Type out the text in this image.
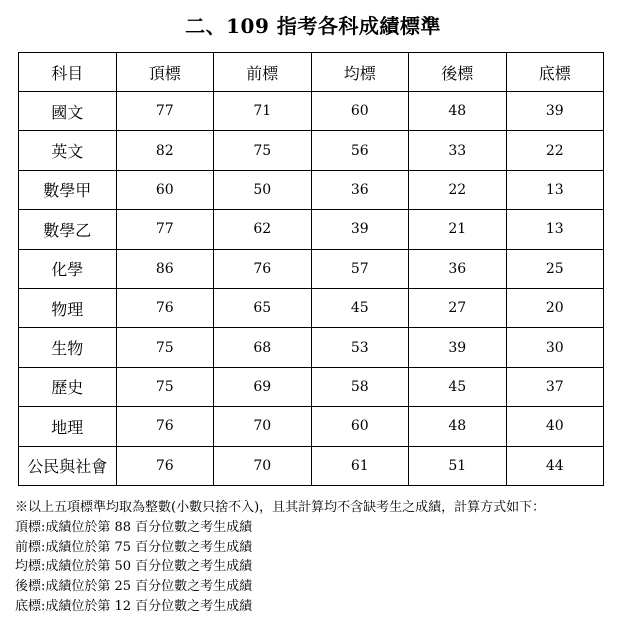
二、109 指考各科成績標準
科目	頂標	前標	均標	後標	底標
國文	77	71	60	48	39
英文	82	75	56	33	22
數學甲	60	50	36	22	13
數學乙	77	62	39	21	13
化學	86	76	57	36	25
物理	76	65	45	27	20
生物	75	68	53	39	30
歷史	75	69	58	45	37
地理	76	70	60	48	40
公民與社會	76	70	61	51	44
※以上五項標準均取為整數(小數只捨不入)，且其計算均不含缺考生之成績，計算方式如下：
頂標:成績位於第 88 百分位數之考生成績
前標:成績位於第 75 百分位數之考生成績
均標:成績位於第 50 百分位數之考生成績
後標:成績位於第 25 百分位數之考生成績
底標:成績位於第 12 百分位數之考生成績
